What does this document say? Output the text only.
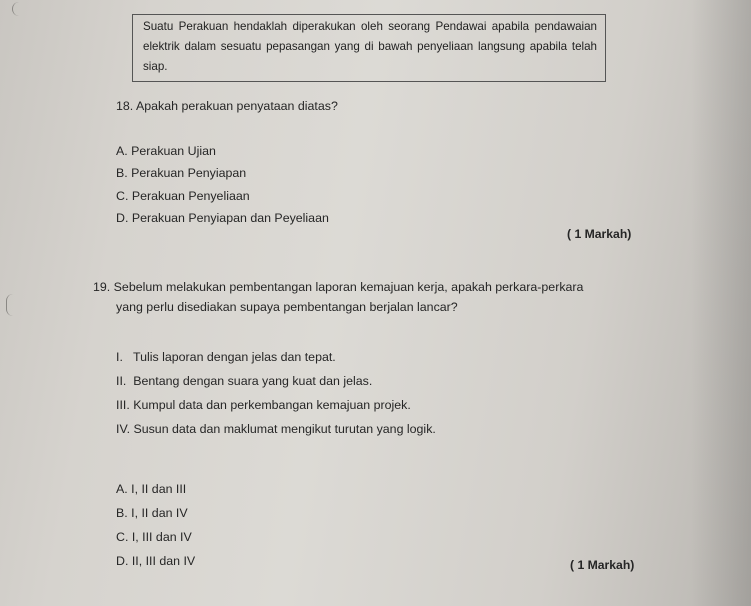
Suatu Perakuan hendaklah diperakukan oleh seorang Pendawai apabila pendawaian elektrik dalam sesuatu pepasangan yang di bawah penyeliaan langsung apabila telah siap.
18. Apakah perakuan penyataan diatas?
A. Perakuan Ujian
B. Perakuan Penyiapan
C. Perakuan Penyeliaan
D. Perakuan Penyiapan dan Peyeliaan
( 1 Markah)
19. Sebelum melakukan pembentangan laporan kemajuan kerja, apakah perkara-perkara
yang perlu disediakan supaya pembentangan berjalan lancar?
I.   Tulis laporan dengan jelas dan tepat.
II.  Bentang dengan suara yang kuat dan jelas.
III. Kumpul data dan perkembangan kemajuan projek.
IV. Susun data dan maklumat mengikut turutan yang logik.
A. I, II dan III
B. I, II dan IV
C. I, III dan IV
D. II, III dan IV	( 1 Markah)
